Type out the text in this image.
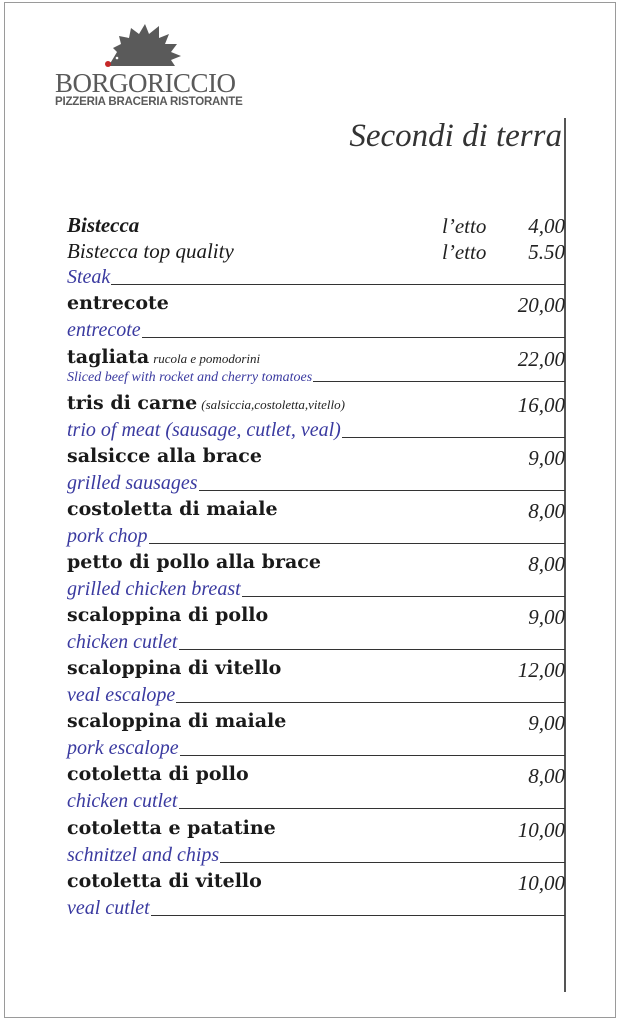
BORGORICCIO
PIZZERIA BRACERIA RISTORANTE
Secondi di terra
Bistecca	l’etto 4,00
Bistecca top quality	l’etto 5.50
Steak
entrecote	20,00
entrecote
tagliata rucola e pomodorini	22,00
Sliced beef with rocket and cherry tomatoes
tris di carne (salsiccia,costoletta,vitello)	16,00
trio of meat (sausage, cutlet, veal)
salsicce alla brace	9,00
grilled sausages
costoletta di maiale	8,00
pork chop
petto di pollo alla brace	8,00
grilled chicken breast
scaloppina di pollo	9,00
chicken cutlet
scaloppina di vitello	12,00
veal escalope
scaloppina di maiale	9,00
pork escalope
cotoletta di pollo	8,00
chicken cutlet
cotoletta e patatine	10,00
schnitzel and chips
cotoletta di vitello	10,00
veal cutlet
